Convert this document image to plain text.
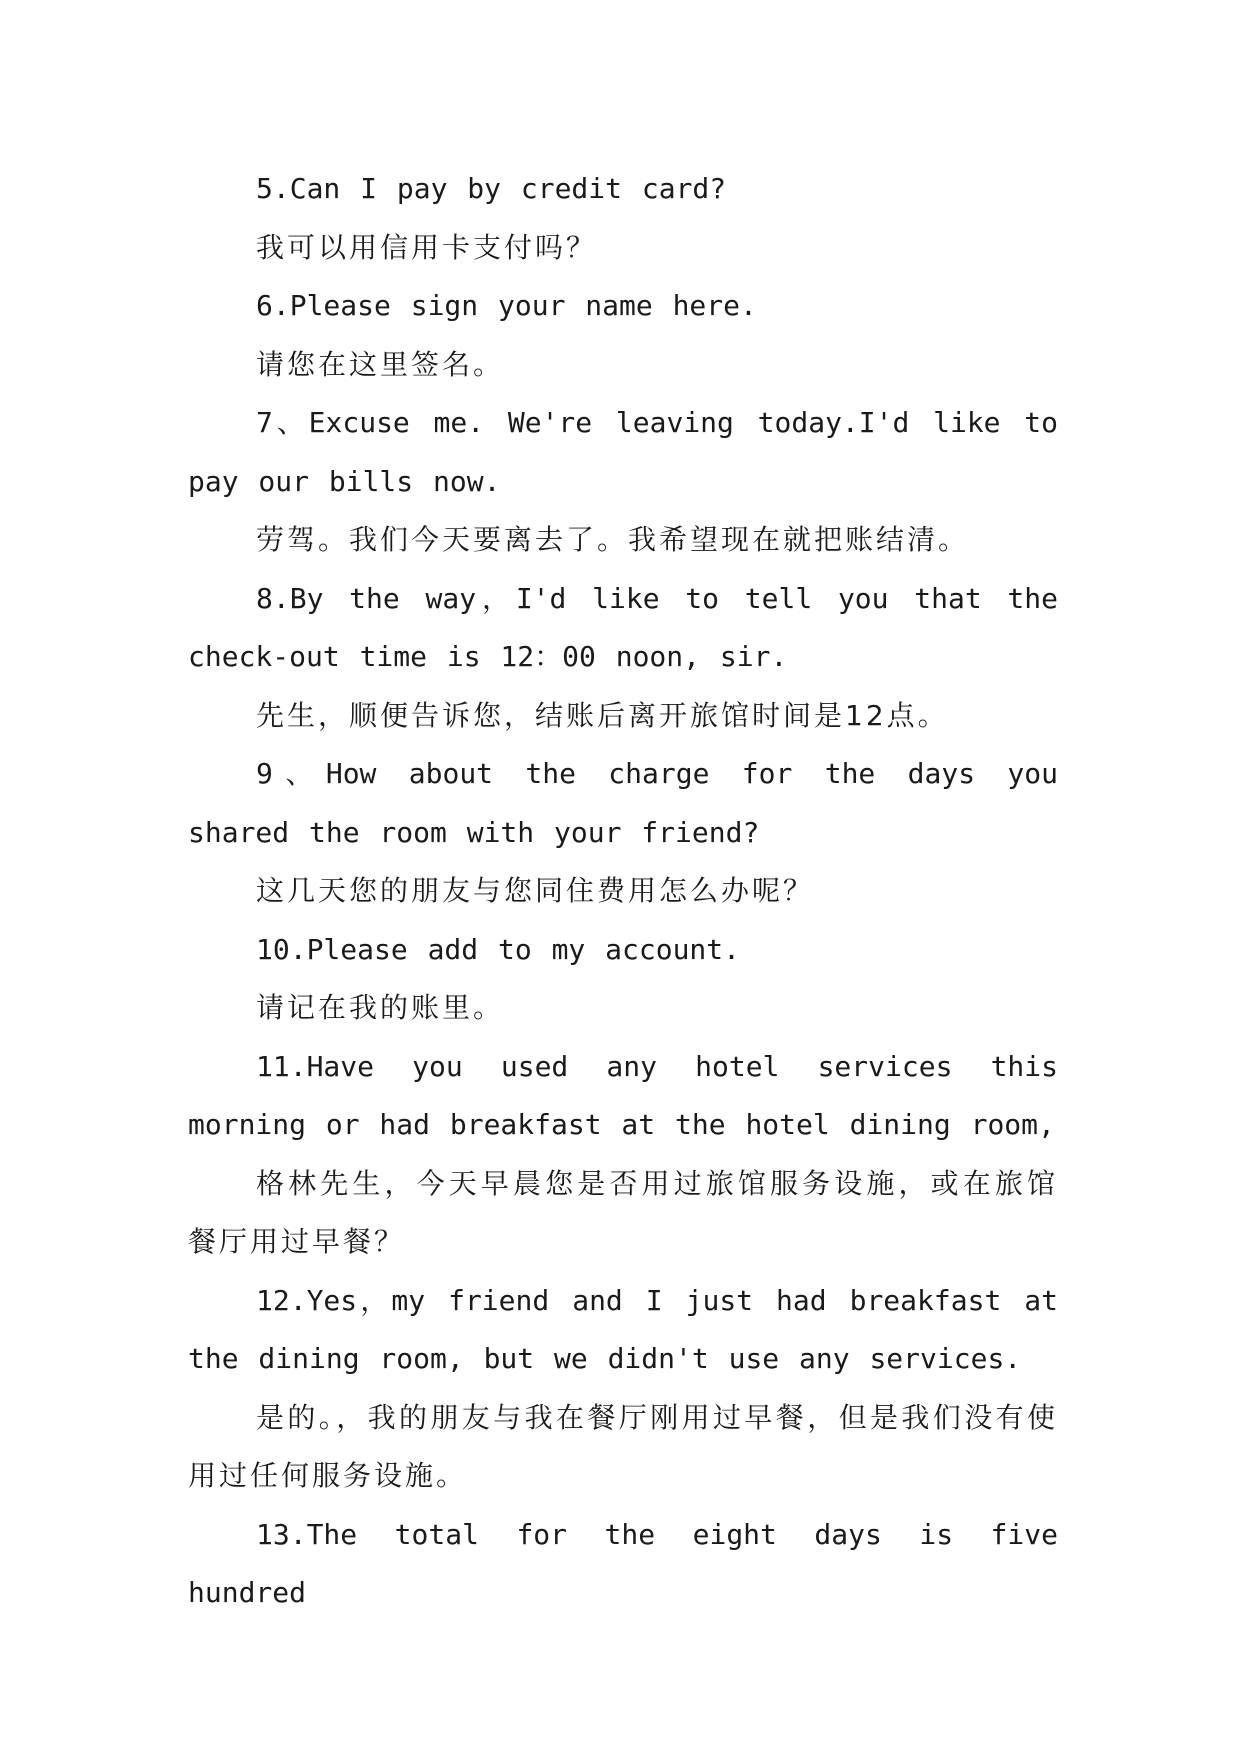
5.Can I pay by credit card?

我可以用信用卡支付吗？

6.Please sign your name here.

请您在这里签名。

7、Excuse me. We're leaving today.I'd like to pay our bills now.

劳驾。我们今天要离去了。我希望现在就把账结清。

8.By the way，I'd like to tell you that the check-out time is 12：00 noon, sir.

先生，顺便告诉您，结账后离开旅馆时间是12点。

9、How about the charge for the days you shared the room with your friend?

这几天您的朋友与您同住费用怎么办呢？

10.Please add to my account.

请记在我的账里。

11.Have you used any hotel services this morning or had breakfast at the hotel dining room,

格林先生，今天早晨您是否用过旅馆服务设施，或在旅馆餐厅用过早餐？

12.Yes，my friend and I just had breakfast at the dining room, but we didn't use any services.

是的。，我的朋友与我在餐厅刚用过早餐，但是我们没有使用过任何服务设施。

13.The total for the eight days is five hundred
